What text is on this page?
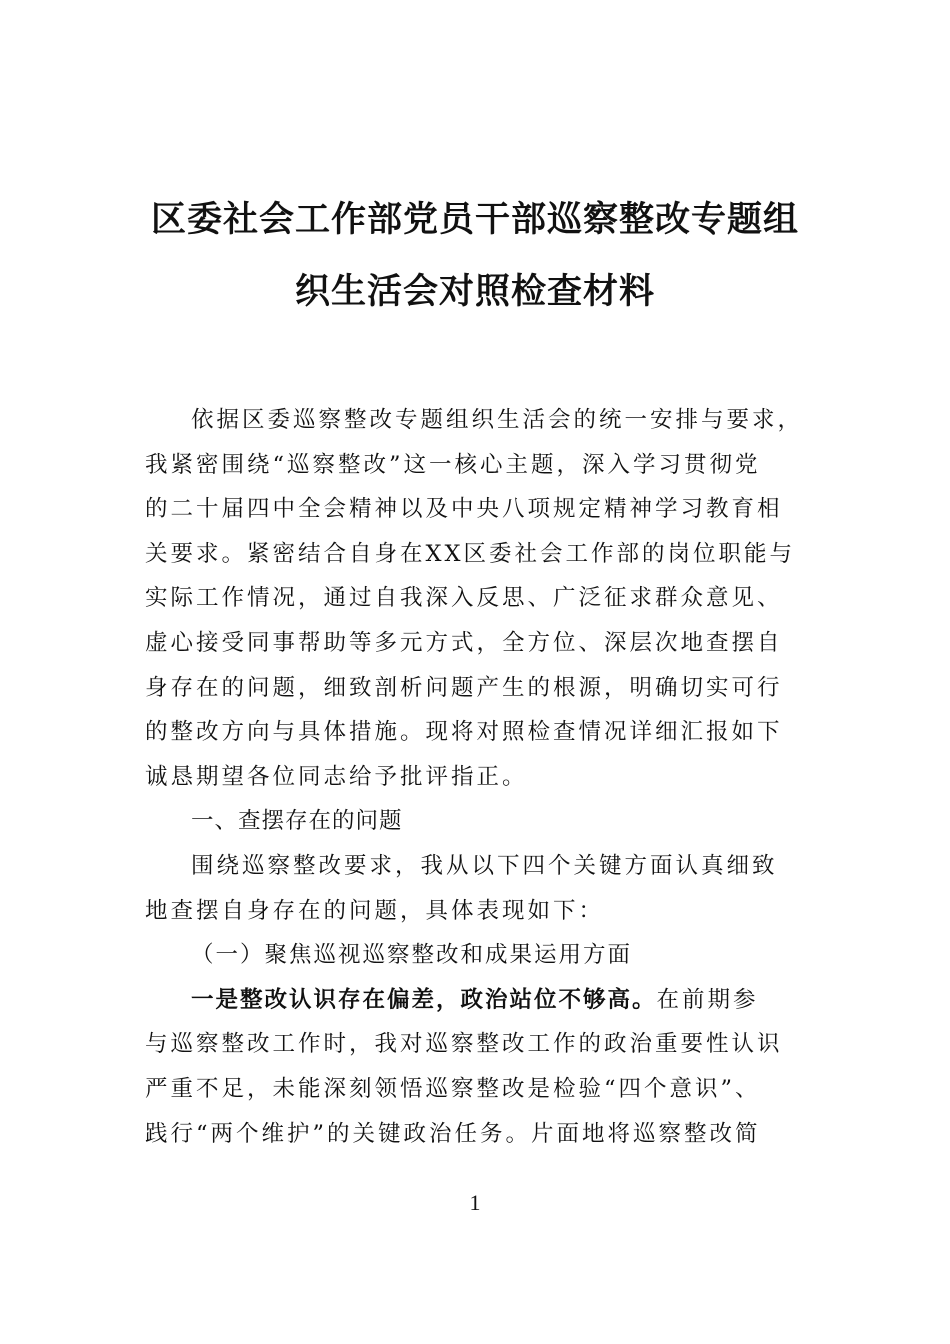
区委社会工作部党员干部巡察整改专题组
织生活会对照检查材料
依据区委巡察整改专题组织生活会的统一安排与要求，
我紧密围绕“巡察整改”这一核心主题，深入学习贯彻党
的二十届四中全会精神以及中央八项规定精神学习教育相
关要求。紧密结合自身在XX区委社会工作部的岗位职能与
实际工作情况，通过自我深入反思、广泛征求群众意见、
虚心接受同事帮助等多元方式，全方位、深层次地查摆自
身存在的问题，细致剖析问题产生的根源，明确切实可行
的整改方向与具体措施。现将对照检查情况详细汇报如下
诚恳期望各位同志给予批评指正。
一、查摆存在的问题
围绕巡察整改要求，我从以下四个关键方面认真细致
地查摆自身存在的问题，具体表现如下：
（一）聚焦巡视巡察整改和成果运用方面
一是整改认识存在偏差，政治站位不够高。在前期参
与巡察整改工作时，我对巡察整改工作的政治重要性认识
严重不足，未能深刻领悟巡察整改是检验“四个意识”、
践行“两个维护”的关键政治任务。片面地将巡察整改简
1
